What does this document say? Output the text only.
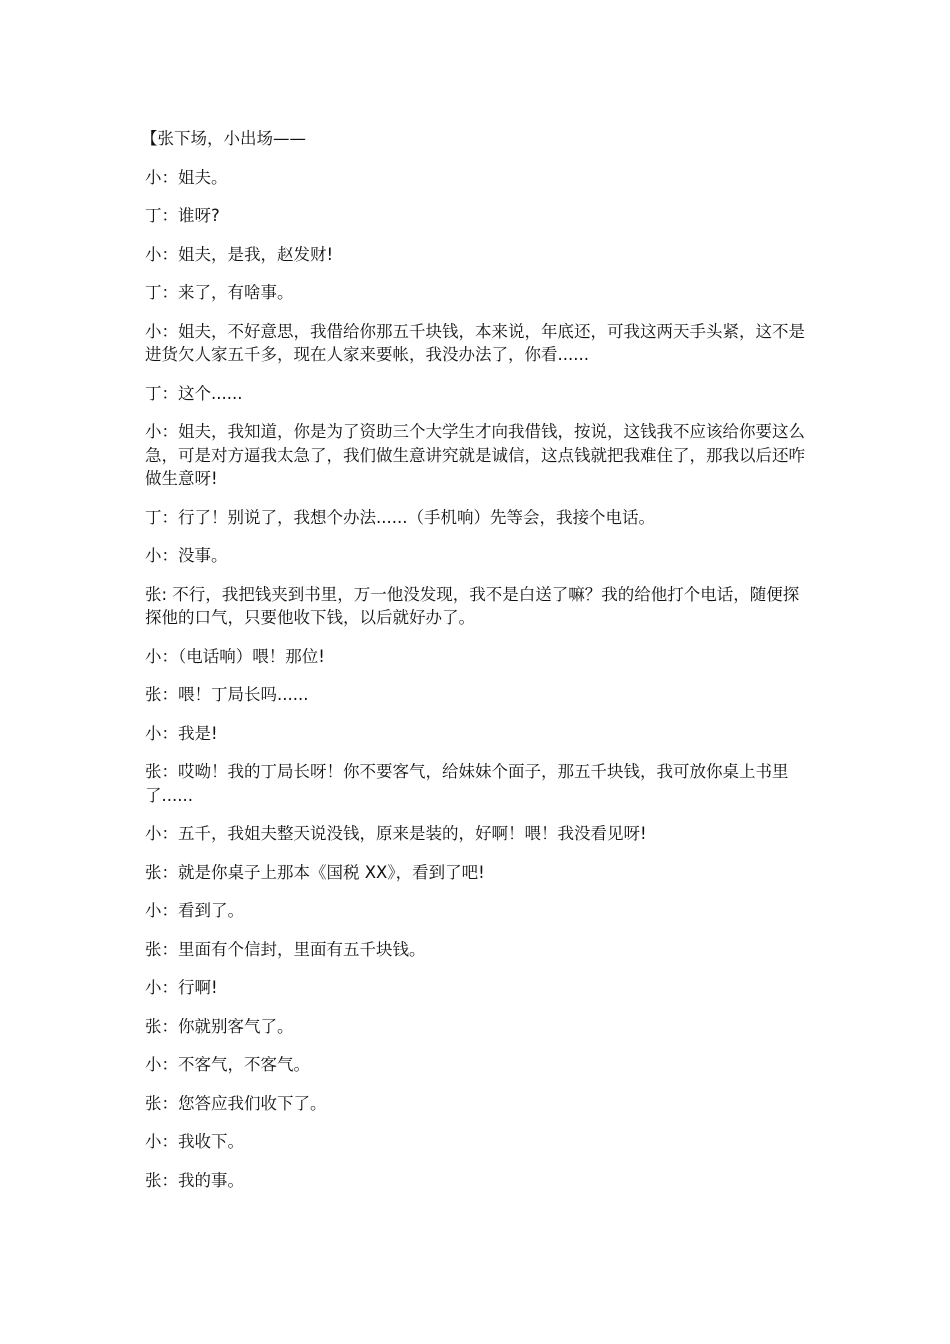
【张下场，小出场——

小：姐夫。

丁：谁呀?

小：姐夫，是我，赵发财!

丁：来了，有啥事。

小：姐夫，不好意思，我借给你那五千块钱，本来说，年底还，可我这两天手头紧，这不是进货欠人家五千多，现在人家来要帐，我没办法了，你看......

丁：这个......

小：姐夫，我知道，你是为了资助三个大学生才向我借钱，按说，这钱我不应该给你要这么急，可是对方逼我太急了，我们做生意讲究就是诚信，这点钱就把我难住了，那我以后还咋做生意呀!

丁：行了！别说了，我想个办法......（手机响）先等会，我接个电话。

小：没事。

张: 不行，我把钱夹到书里，万一他没发现，我不是白送了嘛？我的给他打个电话，随便探探他的口气，只要他收下钱，以后就好办了。

小：（电话响）喂！那位!

张：喂！丁局长吗......

小：我是!

张：哎呦！我的丁局长呀！你不要客气，给妹妹个面子，那五千块钱，我可放你桌上书里了......

小：五千，我姐夫整天说没钱，原来是装的，好啊！喂！我没看见呀!

张：就是你桌子上那本《国税 XX》，看到了吧!

小：看到了。

张：里面有个信封，里面有五千块钱。

小：行啊!

张：你就别客气了。

小：不客气，不客气。

张：您答应我们收下了。

小：我收下。

张：我的事。
